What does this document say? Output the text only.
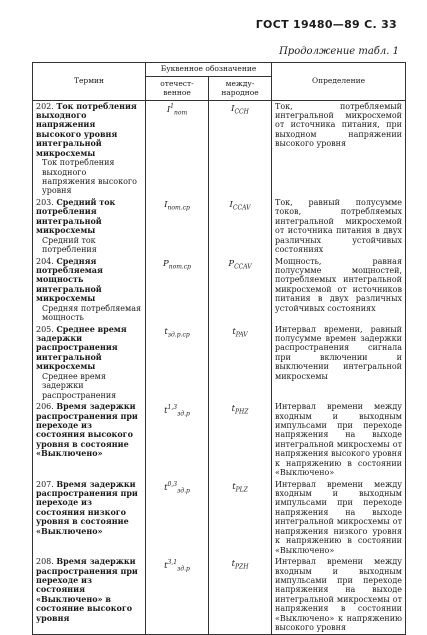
ГОСТ 19480—89 С. 33
Продолжение табл. 1
Термин	Буквенное обозначение		Определение
	отечест-венное	между-народное	
202. Ток потребления выходного напряжения высокого уровня интегральной микросхемы
Ток потребления выходного напряжения высокого уровня	$I^1_{пот}$	$I_{CCH}$	Ток, потребляемый интегральной микросхемой от источника питания, при выходном напряжении высокого уровня
203. Средний ток потребления интегральной микросхемы
Средний ток потребления	$I_{пот.ср}$	$I_{CCAV}$	Ток, равный полусумме токов, потребляемых интегральной микросхемой от источника питания в двух различных устойчивых состояниях
204. Средняя потребляемая мощность интегральной микросхемы
Средняя потребляемая мощность	$P_{пот.ср}$	$P_{CCAV}$	Мощность, равная полусумме мощностей, потребляемых интегральной микросхемой от источников питания в двух различных устойчивых состояниях
205. Среднее время задержки распространения интегральной микросхемы
Среднее время задержки распространения	$t_{зд.р.ср}$	$t_{PAV}$	Интервал времени, равный полусумме времен задержки распространения сигнала при включении и выключении интегральной микросхемы
206. Время задержки распространения при переходе из состояния высокого уровня в состояние «Выключено»	$t^{1,3}_{зд.р}$	$t_{PHZ}$	Интервал времени между входным и выходным импульсами при переходе напряжения на выходе интегральной микросхемы от напряжения высокого уровня к напряжению в состоянии «Выключено»
207. Время задержки распространения при переходе из состояния низкого уровня в состояние «Выключено»	$t^{0,3}_{зд.р}$	$t_{PLZ}$	Интервал времени между входным и выходным импульсами при переходе напряжения на выходе интегральной микросхемы от напряжения низкого уровня к напряжению в состоянии «Выключено»
208. Время задержки распространения при переходе из состояния «Выключено» в состояние высокого уровня	$t^{3,1}_{зд.р}$	$t_{PZH}$	Интервал времени между входным и выходным импульсами при переходе напряжения на выходе интегральной микросхемы от напряжения в состоянии «Выключено» к напряжению высокого уровня
